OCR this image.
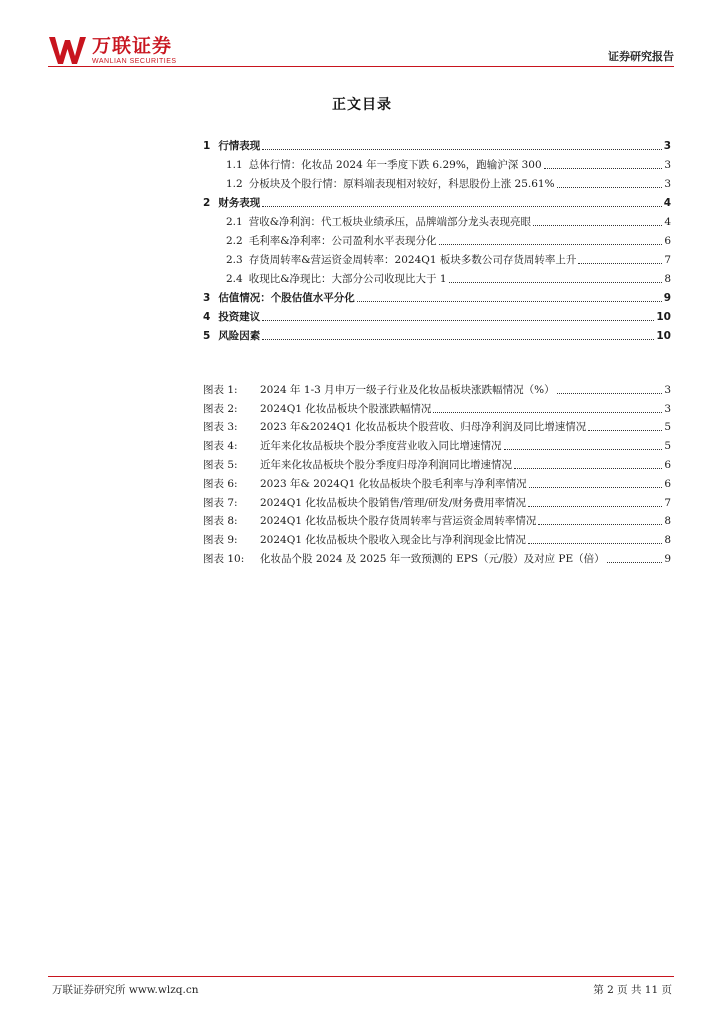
万联证券
WANLIAN SECURITIES	证券研究报告
正文目录
1 行情表现	3
1.1 总体行情：化妆品 2024 年一季度下跌 6.29%，跑输沪深 300	3
1.2 分板块及个股行情：原料端表现相对较好，科思股份上涨 25.61%	3
2 财务表现	4
2.1 营收&净利润：代工板块业绩承压，品牌端部分龙头表现亮眼	4
2.2 毛利率&净利率：公司盈利水平表现分化	6
2.3 存货周转率&营运资金周转率：2024Q1 板块多数公司存货周转率上升	7
2.4 收现比&净现比：大部分公司收现比大于 1	8
3 估值情况：个股估值水平分化	9
4 投资建议	10
5 风险因素	10
图表 1:	2024 年 1-3 月申万一级子行业及化妆品板块涨跌幅情况（%）	3
图表 2:	2024Q1 化妆品板块个股涨跌幅情况	3
图表 3:	2023 年&2024Q1 化妆品板块个股营收、归母净利润及同比增速情况	5
图表 4:	近年来化妆品板块个股分季度营业收入同比增速情况	5
图表 5:	近年来化妆品板块个股分季度归母净利润同比增速情况	6
图表 6:	2023 年& 2024Q1 化妆品板块个股毛利率与净利率情况	6
图表 7:	2024Q1 化妆品板块个股销售/管理/研发/财务费用率情况	7
图表 8:	2024Q1 化妆品板块个股存货周转率与营运资金周转率情况	8
图表 9:	2024Q1 化妆品板块个股收入现金比与净利润现金比情况	8
图表 10:	化妆品个股 2024 及 2025 年一致预测的 EPS（元/股）及对应 PE（倍）	9
万联证券研究所 www.wlzq.cn	第 2 页 共 11 页
